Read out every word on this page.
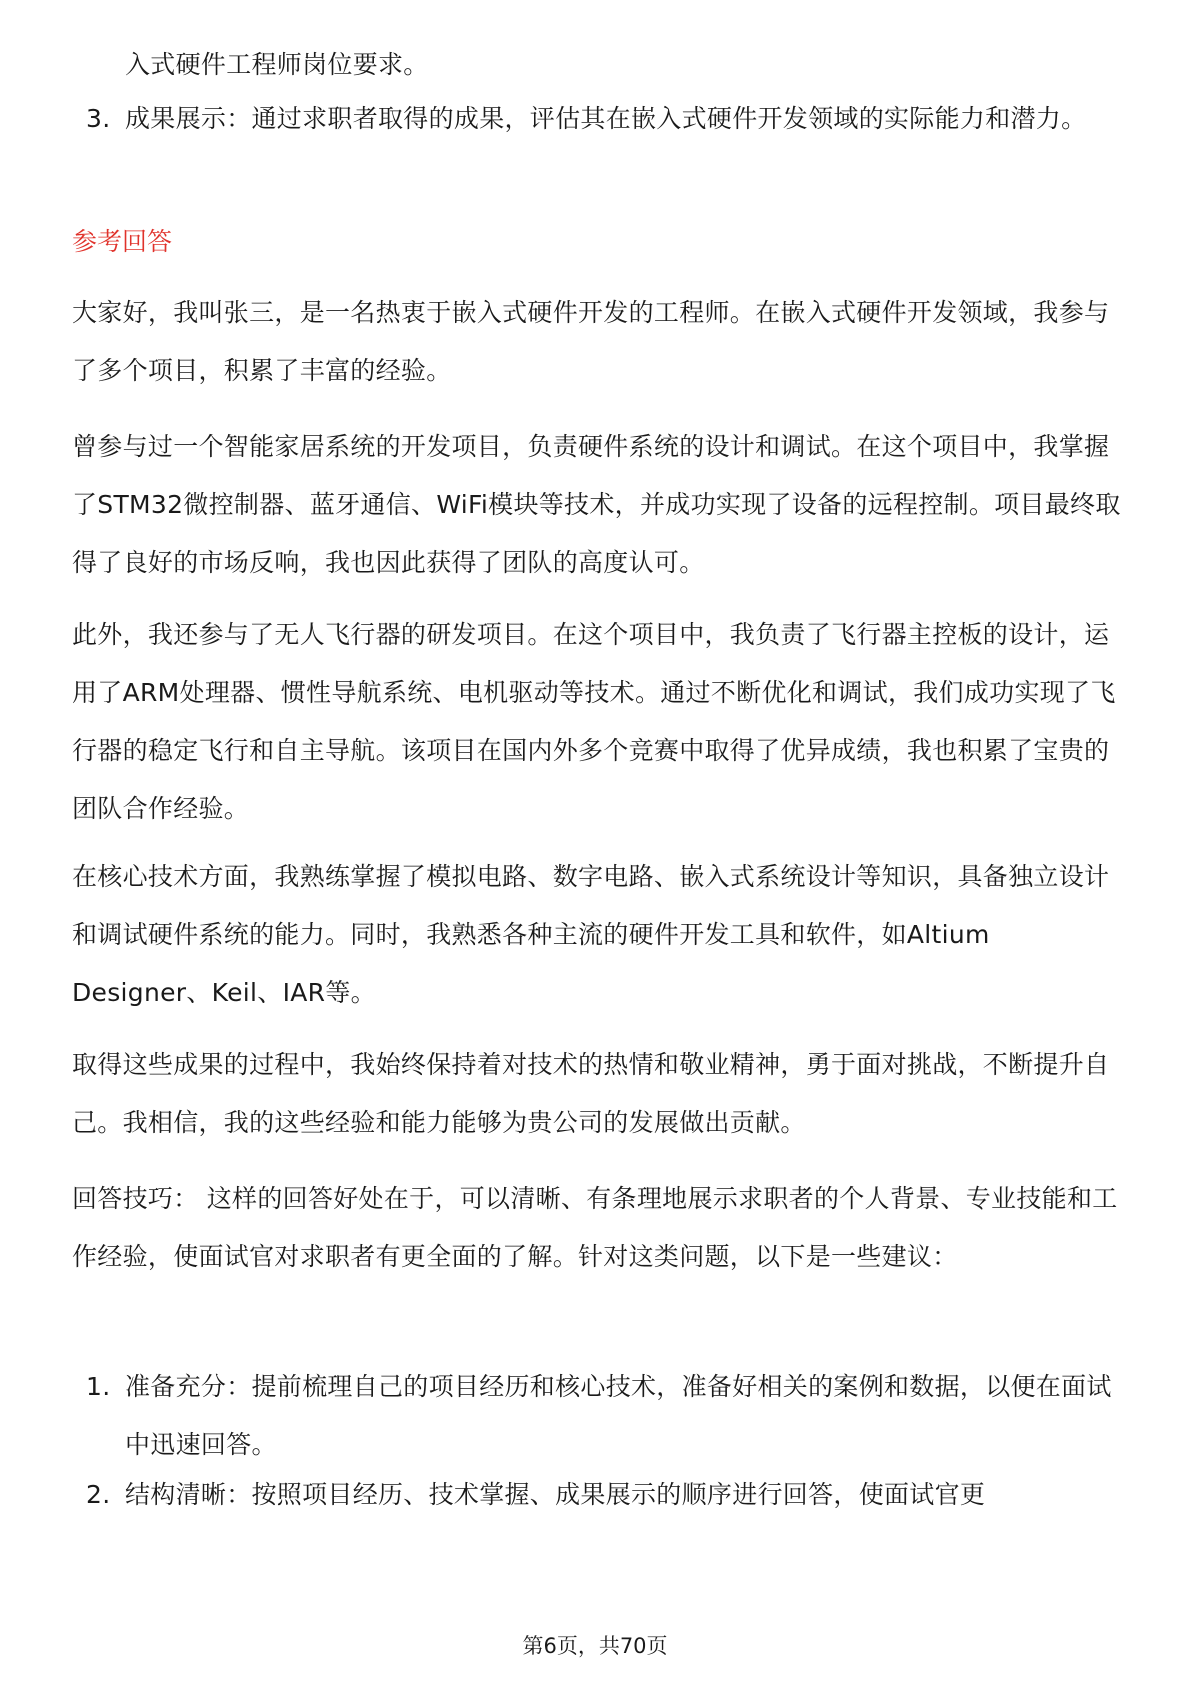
入式硬件工程师岗位要求。
3. 成果展示：通过求职者取得的成果，评估其在嵌入式硬件开发领域的实际能力和潜力。
参考回答

大家好，我叫张三，是一名热衷于嵌入式硬件开发的工程师。在嵌入式硬件开发领域，我参与了多个项目，积累了丰富的经验。

曾参与过一个智能家居系统的开发项目，负责硬件系统的设计和调试。在这个项目中，我掌握了STM32微控制器、蓝牙通信、WiFi模块等技术，并成功实现了设备的远程控制。项目最终取得了良好的市场反响，我也因此获得了团队的高度认可。

此外，我还参与了无人飞行器的研发项目。在这个项目中，我负责了飞行器主控板的设计，运用了ARM处理器、惯性导航系统、电机驱动等技术。通过不断优化和调试，我们成功实现了飞行器的稳定飞行和自主导航。该项目在国内外多个竞赛中取得了优异成绩，我也积累了宝贵的团队合作经验。

在核心技术方面，我熟练掌握了模拟电路、数字电路、嵌入式系统设计等知识，具备独立设计和调试硬件系统的能力。同时，我熟悉各种主流的硬件开发工具和软件，如Altium Designer、Keil、IAR等。

取得这些成果的过程中，我始终保持着对技术的热情和敬业精神，勇于面对挑战，不断提升自己。我相信，我的这些经验和能力能够为贵公司的发展做出贡献。

回答技巧： 这样的回答好处在于，可以清晰、有条理地展示求职者的个人背景、专业技能和工作经验，使面试官对求职者有更全面的了解。针对这类问题，以下是一些建议：

1. 准备充分：提前梳理自己的项目经历和核心技术，准备好相关的案例和数据，以便在面试中迅速回答。
2. 结构清晰：按照项目经历、技术掌握、成果展示的顺序进行回答，使面试官更
第6页，共70页
